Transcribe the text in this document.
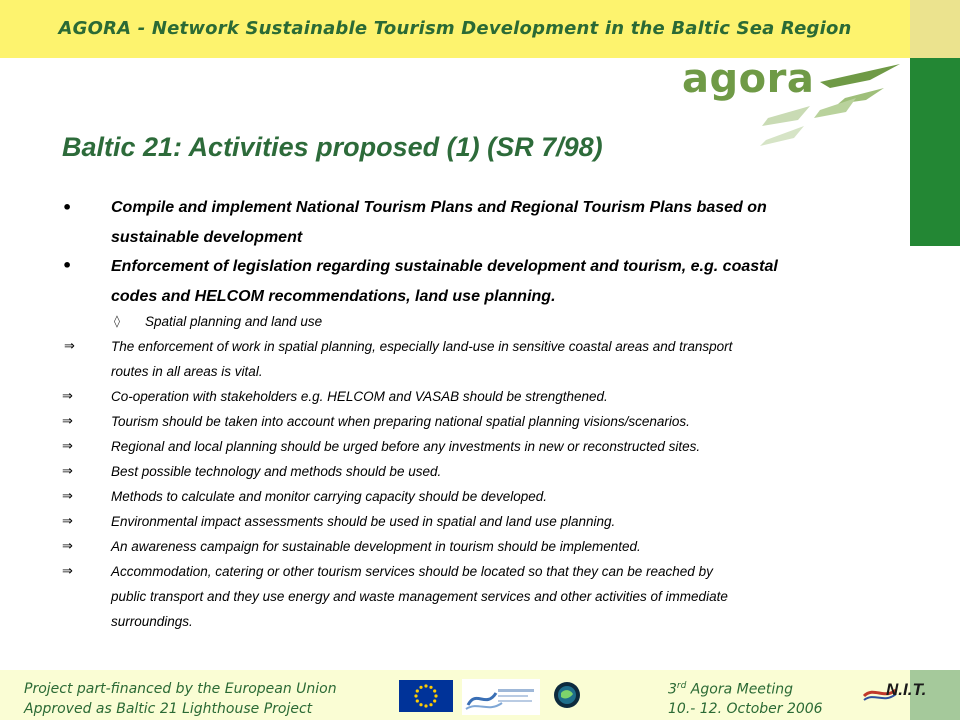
AGORA - Network Sustainable Tourism Development in the Baltic Sea Region
agora
Baltic 21: Activities proposed (1) (SR 7/98)
• Compile and implement National Tourism Plans and Regional Tourism Plans based on
sustainable development
• Enforcement of legislation regarding sustainable development and tourism, e.g. coastal
codes and HELCOM recommendations, land use planning.
◊ Spatial planning and land use
⇒	The enforcement of work in spatial planning, especially land-use in sensitive coastal areas and transport
routes in all areas is vital.
⇒	Co-operation with stakeholders e.g. HELCOM and VASAB should be strengthened.
⇒	Tourism should be taken into account when preparing national spatial planning visions/scenarios.
⇒	Regional and local planning should be urged before any investments in new or reconstructed sites.
⇒	Best possible technology and methods should be used.
⇒	Methods to calculate and monitor carrying capacity should be developed.
⇒	Environmental impact assessments should be used in spatial and land use planning.
⇒	An awareness campaign for sustainable development in tourism should be implemented.
⇒	Accommodation, catering or other tourism services should be located so that they can be reached by
public transport and they use energy and waste management services and other activities of immediate
surroundings.
Project part-financed by the European Union
Approved as Baltic 21 Lighthouse Project
3rd Agora Meeting
10.- 12. October 2006
N.I.T.
